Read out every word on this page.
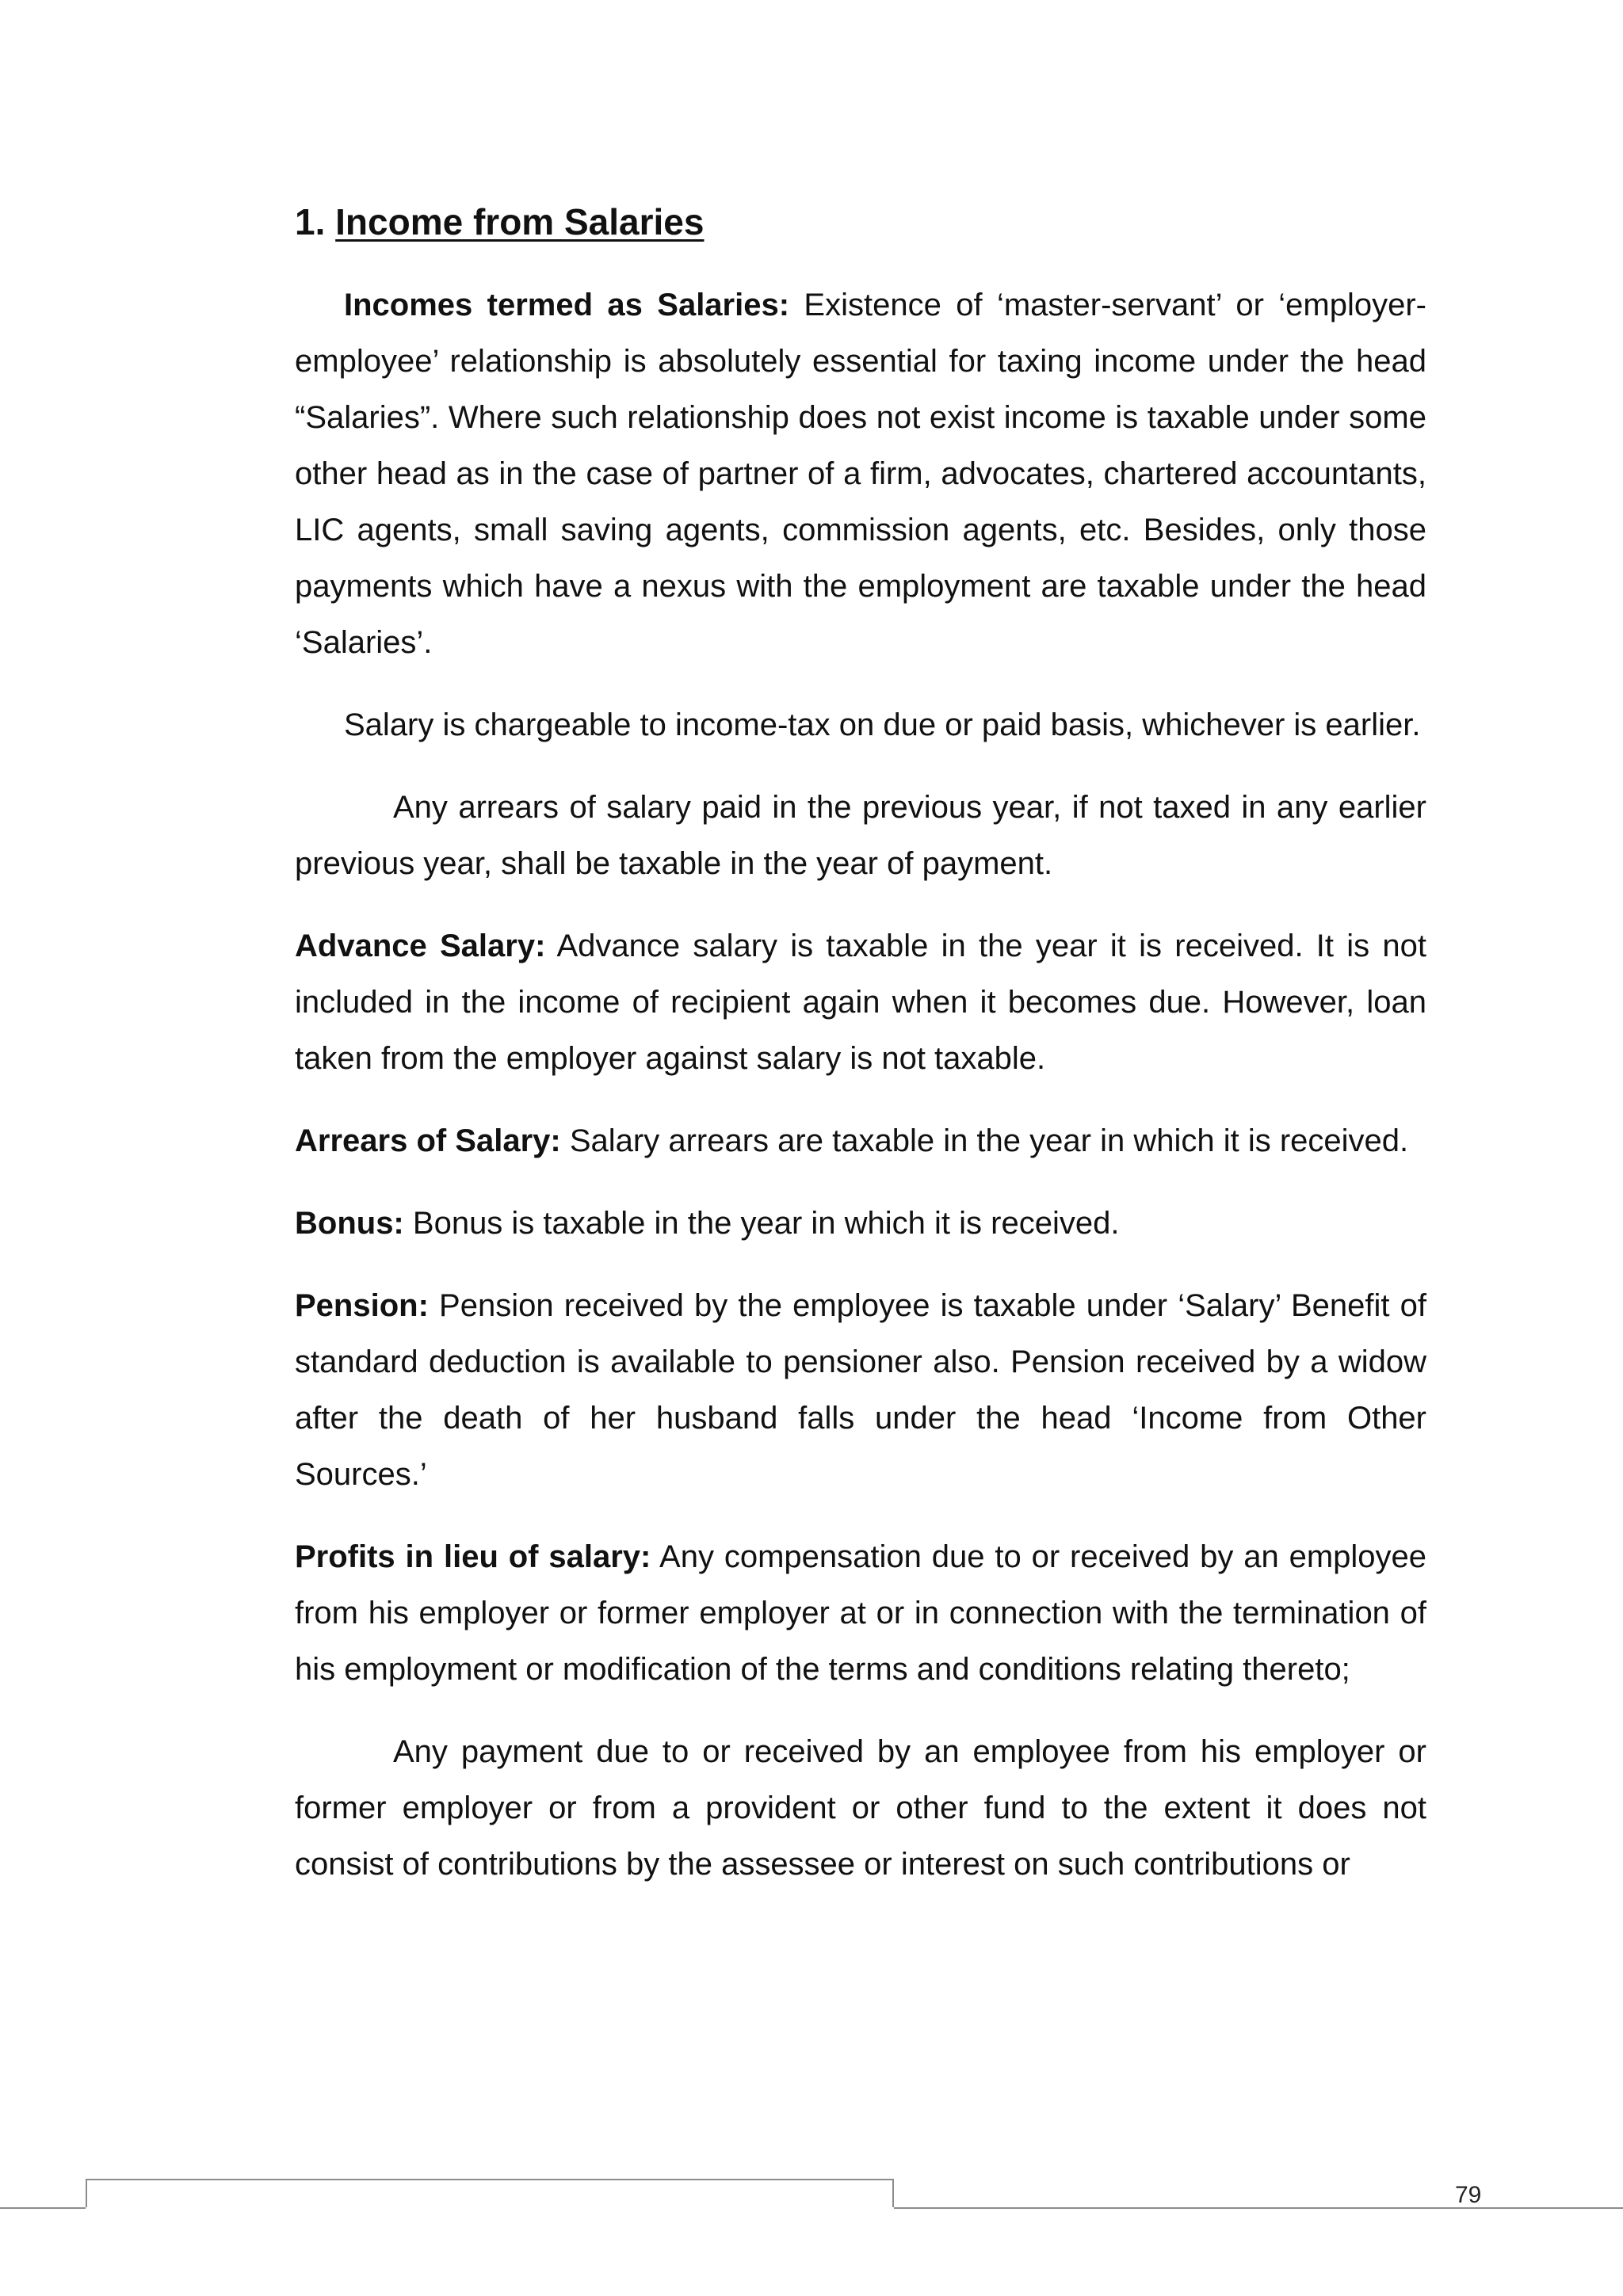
1. Income from Salaries

Incomes termed as Salaries: Existence of ‘master-servant’ or ‘employer-employee’ relationship is absolutely essential for taxing income under the head “Salaries”. Where such relationship does not exist income is taxable under some other head as in the case of partner of a firm, advocates, chartered accountants, LIC agents, small saving agents, commission agents, etc. Besides, only those payments which have a nexus with the employment are taxable under the head ‘Salaries’.

Salary is chargeable to income-tax on due or paid basis, whichever is earlier.

Any arrears of salary paid in the previous year, if not taxed in any earlier previous year, shall be taxable in the year of payment.

Advance Salary: Advance salary is taxable in the year it is received. It is not included in the income of recipient again when it becomes due. However, loan taken from the employer against salary is not taxable.

Arrears of Salary: Salary arrears are taxable in the year in which it is received.

Bonus: Bonus is taxable in the year in which it is received.

Pension: Pension received by the employee is taxable under ‘Salary’ Benefit of standard deduction is available to pensioner also. Pension received by a widow after the death of her husband falls under the head ‘Income from Other Sources.’

Profits in lieu of salary: Any compensation due to or received by an employee from his employer or former employer at or in connection with the termination of his employment or modification of the terms and conditions relating thereto;

Any payment due to or received by an employee from his employer or former employer or from a provident or other fund to the extent it does not consist of contributions by the assessee or interest on such contributions or

79
